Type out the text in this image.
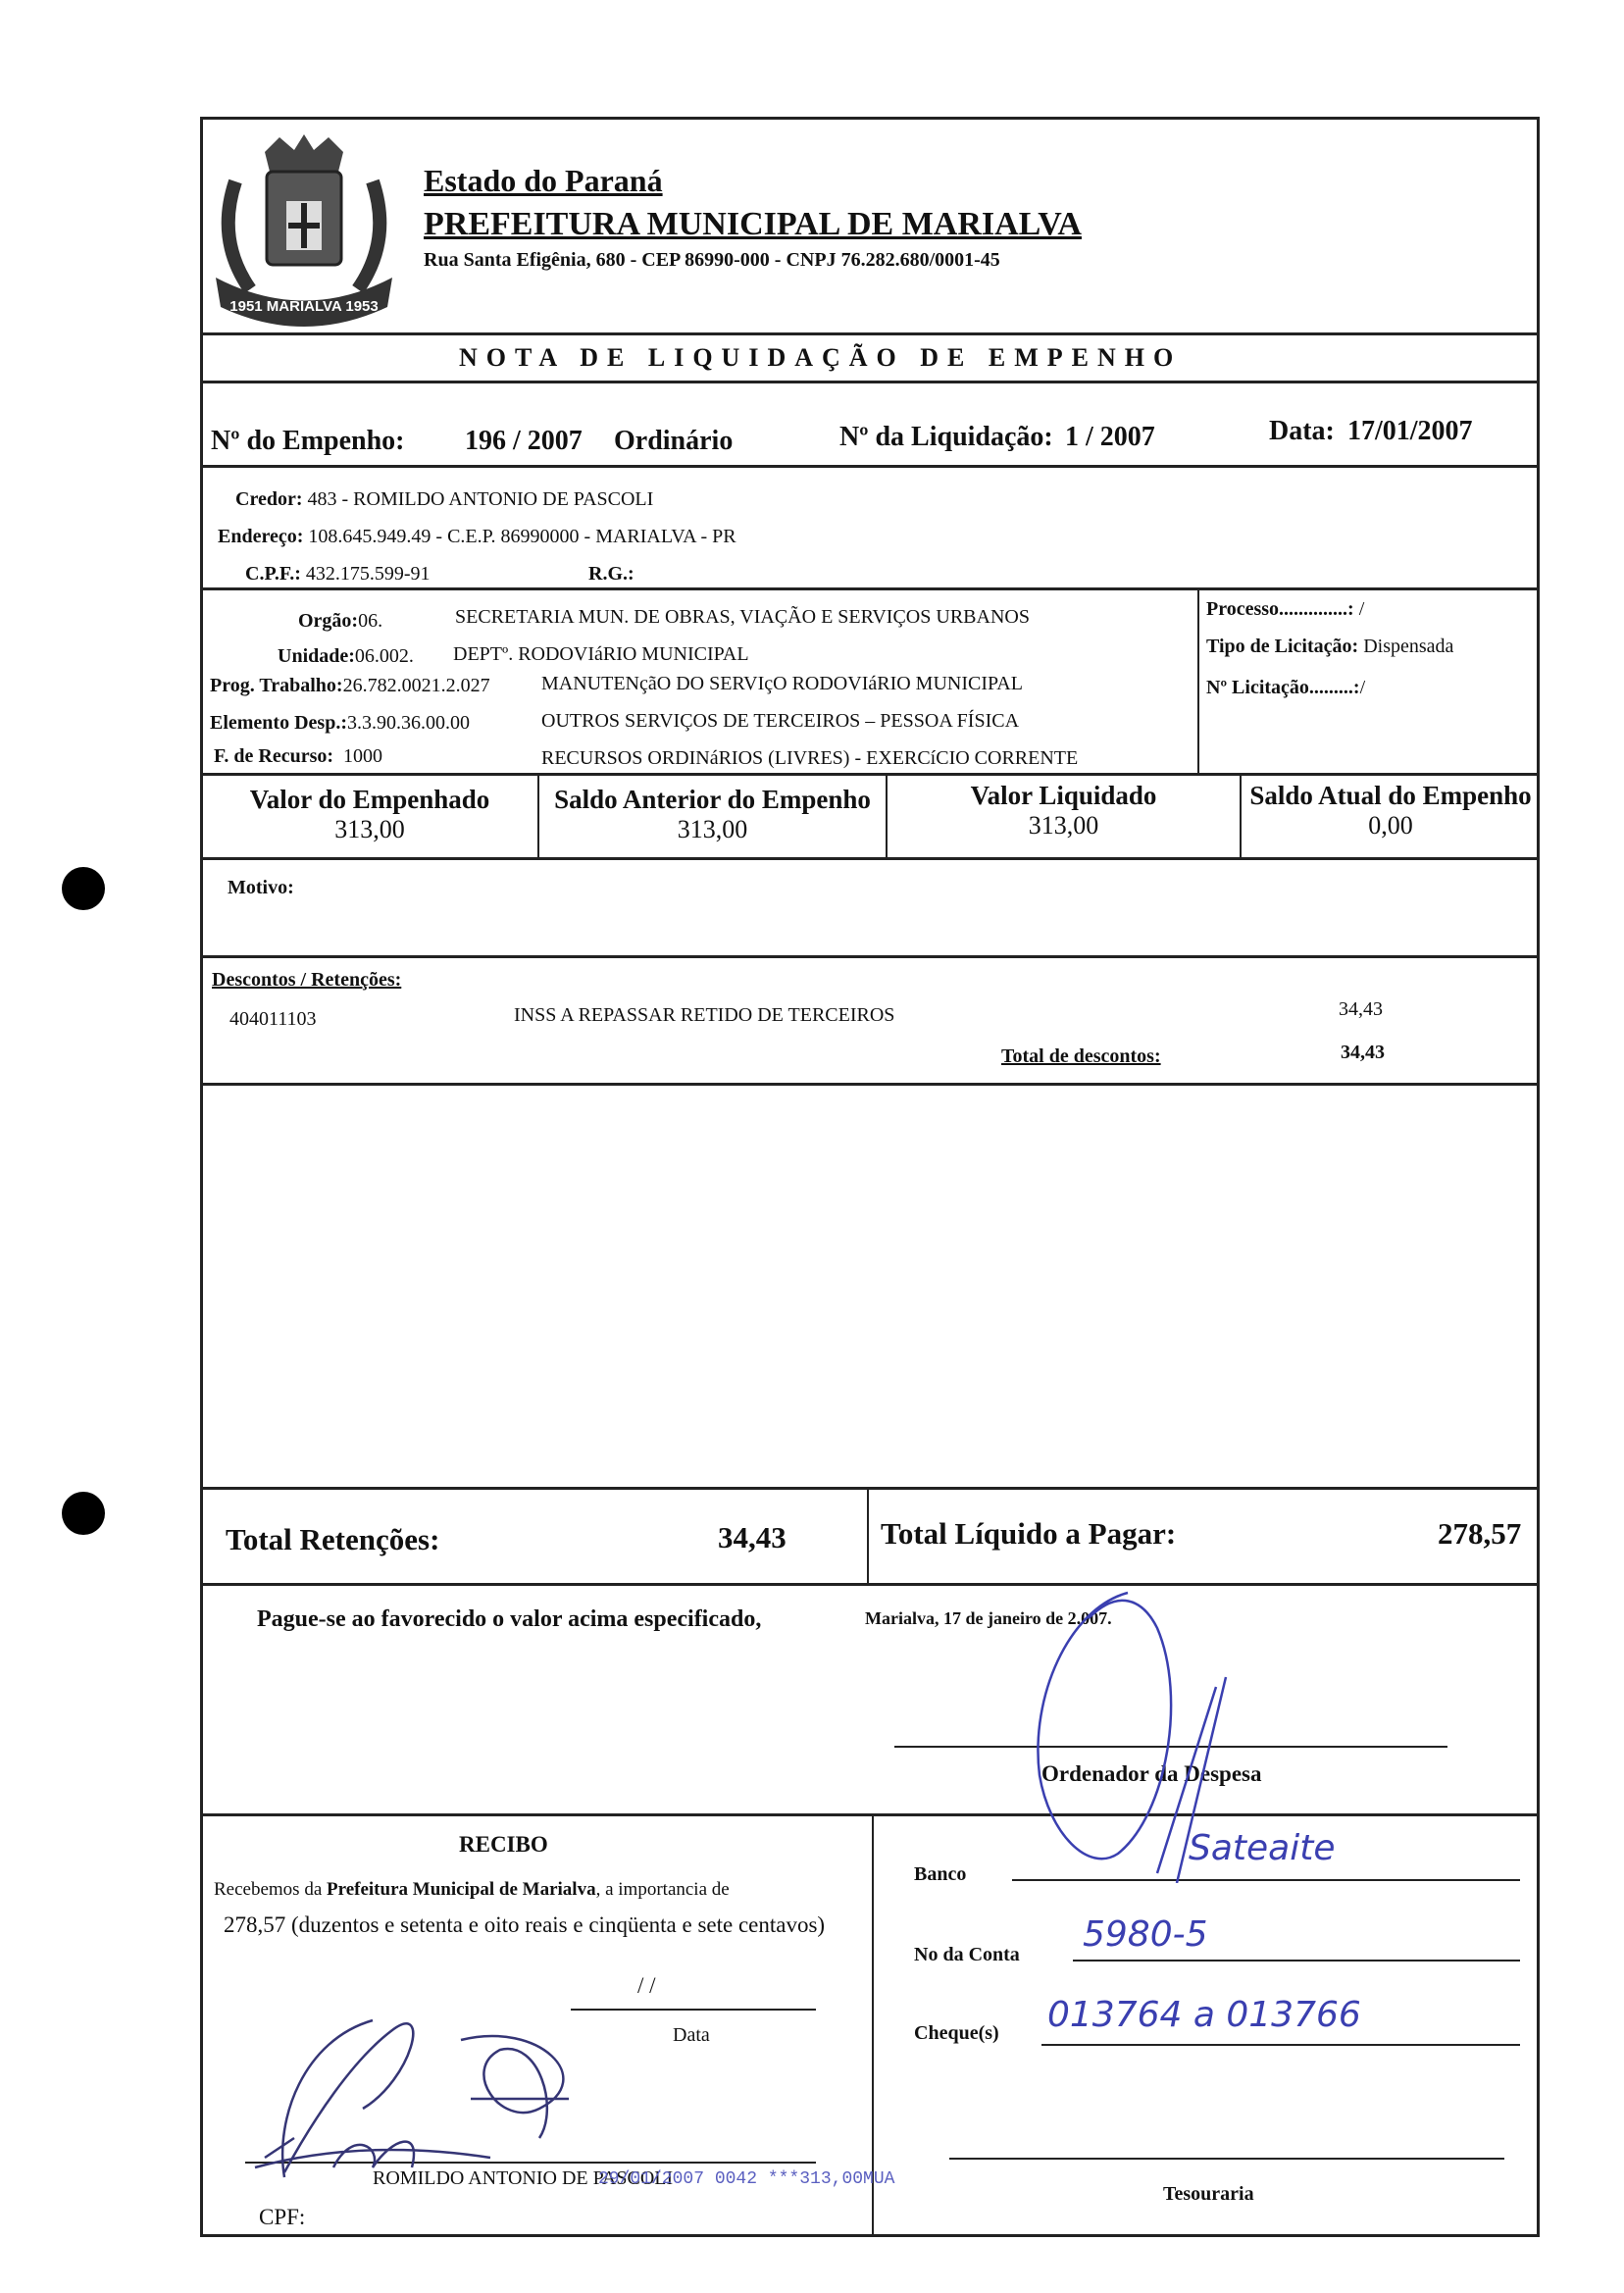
1951 MARIALVA 1953
Estado do Paraná
PREFEITURA MUNICIPAL DE MARIALVA
Rua Santa Efigênia, 680 - CEP 86990-000 - CNPJ 76.282.680/0001-45
NOTA DE LIQUIDAÇÃO DE EMPENHO
Nº do Empenho: 196 / 2007 Ordinário	Nº da Liquidação: 1 / 2007	Data: 17/01/2007
Credor: 483 - ROMILDO ANTONIO DE PASCOLI
Endereço: 108.645.949.49 - C.E.P. 86990000 - MARIALVA - PR
C.P.F.: 432.175.599-91	R.G.:
Orgão:06.	SECRETARIA MUN. DE OBRAS, VIAÇÃO E SERVIÇOS URBANOS
Unidade:06.002. DEPTº. RODOVIáRIO MUNICIPAL
Prog. Trabalho:26.782.0021.2.027	MANUTENçãO DO SERVIçO RODOVIáRIO MUNICIPAL
Elemento Desp.:3.3.90.36.00.00	OUTROS SERVIÇOS DE TERCEIROS – PESSOA FÍSICA
F. de Recurso: 1000	RECURSOS ORDINáRIOS (LIVRES) - EXERCíCIO CORRENTE
Processo..............: /
Tipo de Licitação: Dispensada
Nº Licitação.........:/
Valor do Empenhado
313,00
Saldo Anterior do Empenho
313,00
Valor Liquidado
313,00
Saldo Atual do Empenho
0,00
Motivo:
Descontos / Retenções:
404011103	INSS A REPASSAR RETIDO DE TERCEIROS	34,43
Total de descontos:	34,43
Total Retenções:	34,43	Total Líquido a Pagar:	278,57
Pague-se ao favorecido o valor acima especificado,	Marialva, 17 de janeiro de 2.007.
Ordenador da Despesa
RECIBO
Recebemos da Prefeitura Municipal de Marialva, a importancia de
278,57 (duzentos e setenta e oito reais e cinqüenta e sete centavos)
/ /
Data
ROMILDO ANTONIO DE PASCOLI
29/01/2007 0042 ***313,00MUA
CPF:
Banco
Sateaite
No da Conta 5980-5
Cheque(s) 013764 a 013766
Tesouraria
